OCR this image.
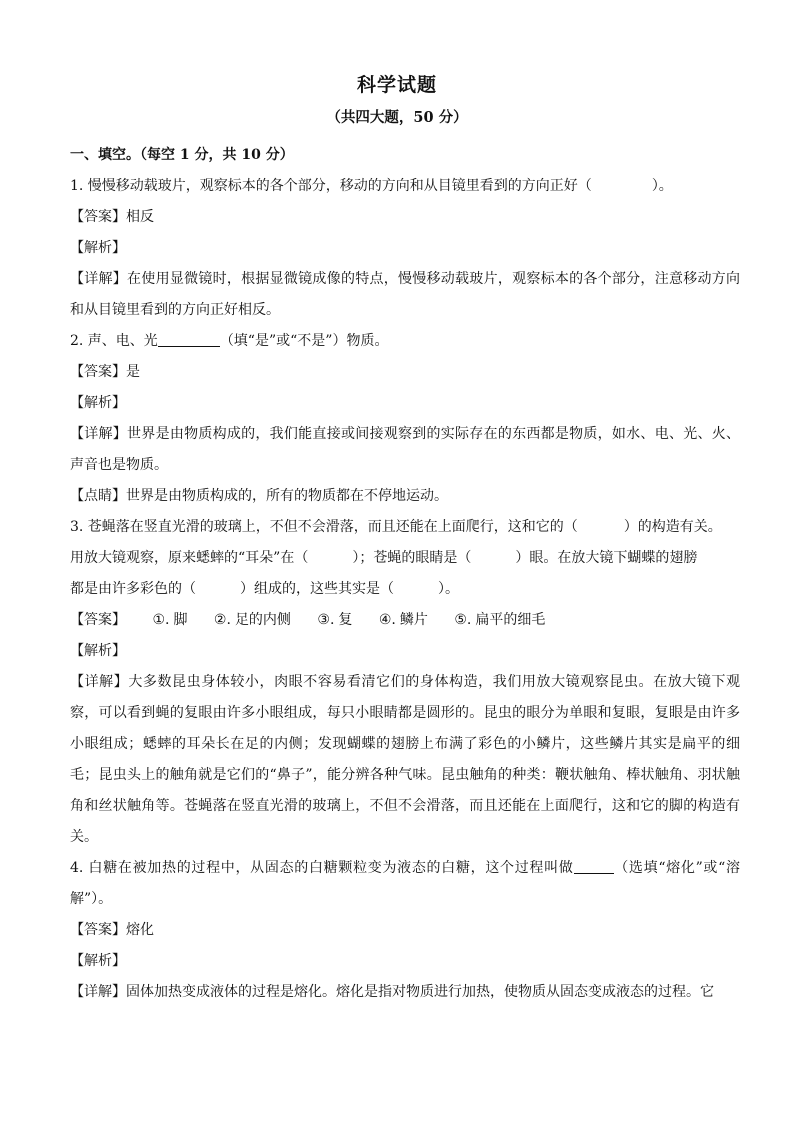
科学试题
（共四大题，50 分）
一、填空。（每空 1 分，共 10 分）
1. 慢慢移动载玻片，观察标本的各个部分，移动的方向和从目镜里看到的方向正好（	）。
【答案】相反
【解析】
【详解】在使用显微镜时，根据显微镜成像的特点，慢慢移动载玻片，观察标本的各个部分，注意移动方向和从目镜里看到的方向正好相反。
2. 声、电、光	（填“是”或“不是”）物质。
【答案】是
【解析】
【详解】世界是由物质构成的，我们能直接或间接观察到的实际存在的东西都是物质，如水、电、光、火、声音也是物质。
【点睛】世界是由物质构成的，所有的物质都在不停地运动。
3. 苍蝇落在竖直光滑的玻璃上，不但不会滑落，而且还能在上面爬行，这和它的（	）的构造有关。
用放大镜观察，原来蟋蟀的“耳朵”在（	）；苍蝇的眼睛是（	）眼。在放大镜下蝴蝶的翅膀
都是由许多彩色的（	）组成的，这些其实是（	）。
【答案】 ①. 脚 ②. 足的内侧 ③. 复 ④. 鳞片 ⑤. 扁平的细毛
【解析】
【详解】大多数昆虫身体较小，肉眼不容易看清它们的身体构造，我们用放大镜观察昆虫。在放大镜下观察，可以看到蝇的复眼由许多小眼组成，每只小眼睛都是圆形的。昆虫的眼分为单眼和复眼，复眼是由许多小眼组成；蟋蟀的耳朵长在足的内侧；发现蝴蝶的翅膀上布满了彩色的小鳞片，这些鳞片其实是扁平的细毛；昆虫头上的触角就是它们的“鼻子”，能分辨各种气味。昆虫触角的种类：鞭状触角、棒状触角、羽状触角和丝状触角等。苍蝇落在竖直光滑的玻璃上，不但不会滑落，而且还能在上面爬行，这和它的脚的构造有关。
4. 白糖在被加热的过程中，从固态的白糖颗粒变为液态的白糖，这个过程叫做	（选填“熔化”或“溶解”）。
【答案】熔化
【解析】
【详解】固体加热变成液体的过程是熔化。熔化是指对物质进行加热，使物质从固态变成液态的过程。它
